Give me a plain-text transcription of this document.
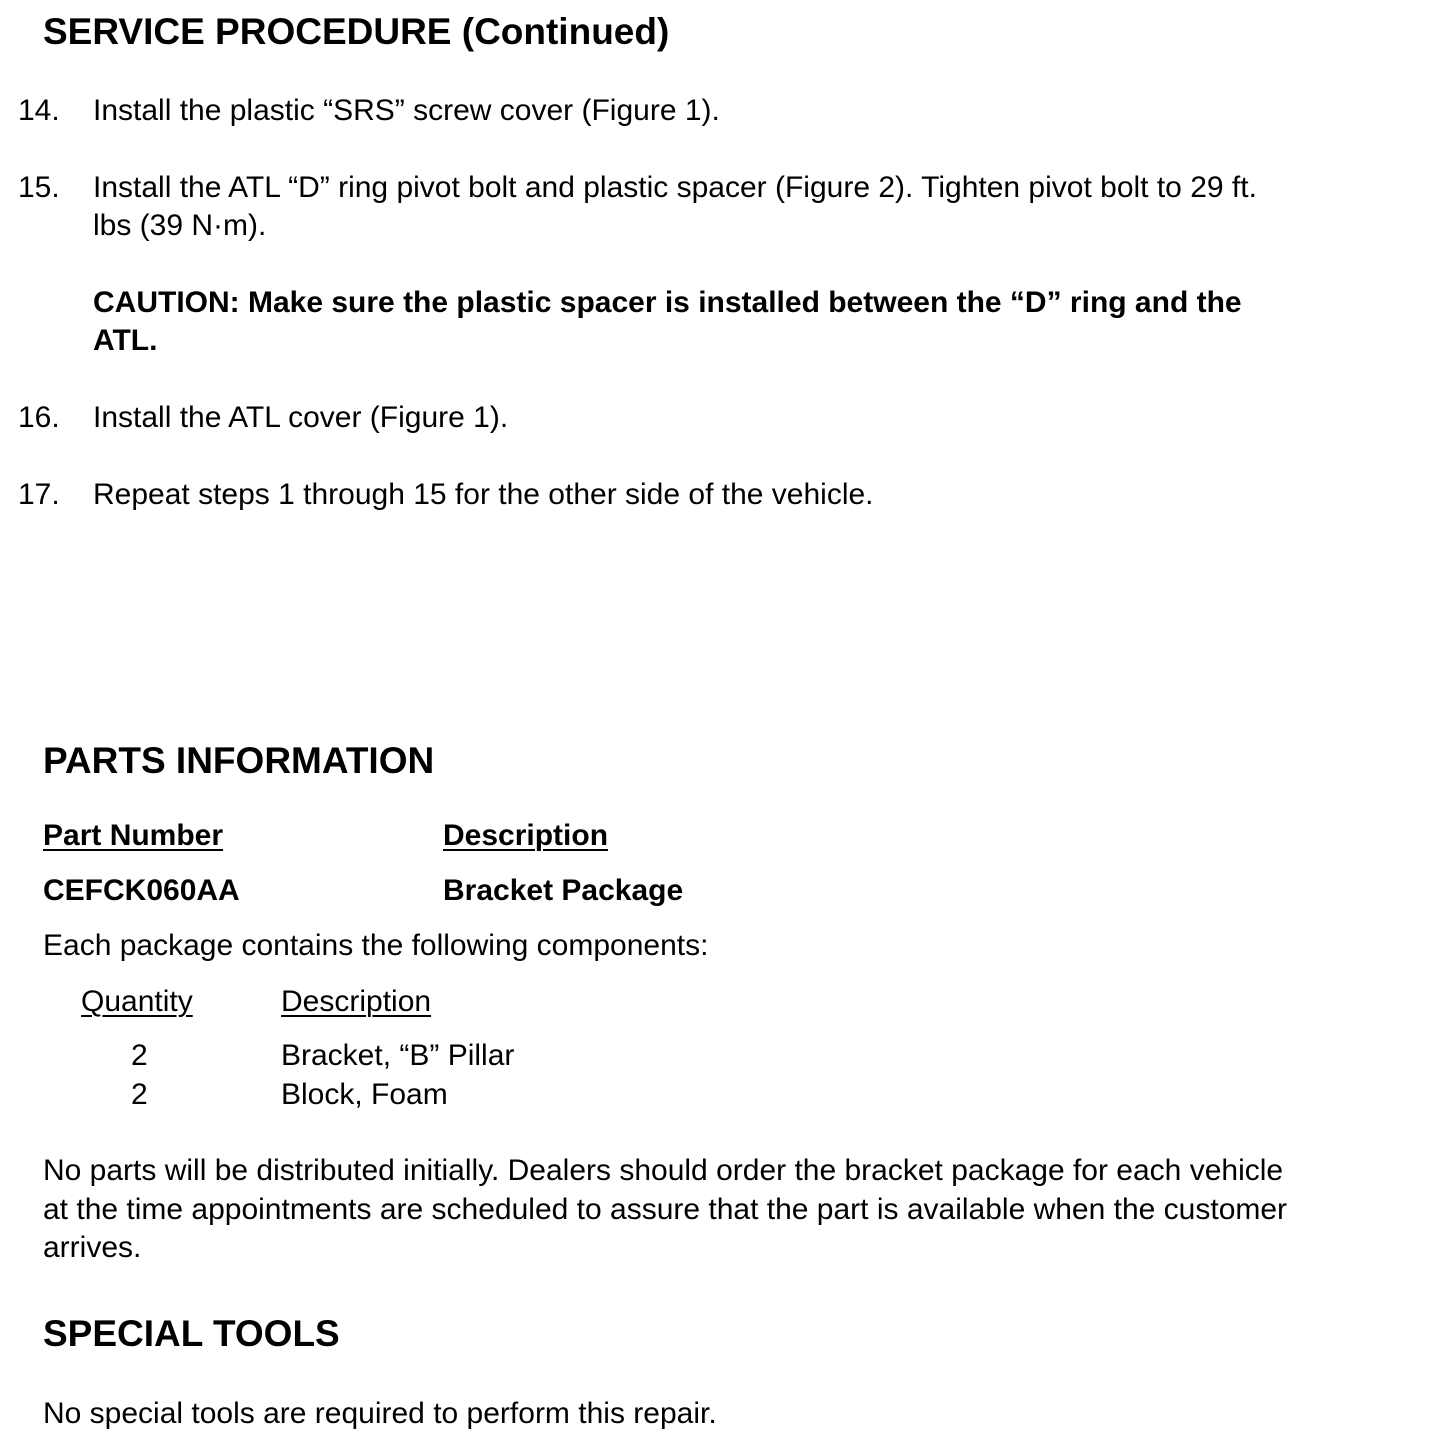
SERVICE PROCEDURE (Continued)
14. Install the plastic “SRS” screw cover (Figure 1).
15. Install the ATL “D” ring pivot bolt and plastic spacer (Figure 2). Tighten pivot bolt to 29 ft.
lbs (39 N·m).
CAUTION: Make sure the plastic spacer is installed between the “D” ring and the
ATL.
16. Install the ATL cover (Figure 1).
17. Repeat steps 1 through 15 for the other side of the vehicle.
PARTS INFORMATION
Part Number	Description
CEFCK060AA	Bracket Package
Each package contains the following components:
Quantity	Description
2	Bracket, “B” Pillar
2	Block, Foam
No parts will be distributed initially. Dealers should order the bracket package for each vehicle
at the time appointments are scheduled to assure that the part is available when the customer
arrives.
SPECIAL TOOLS
No special tools are required to perform this repair.
